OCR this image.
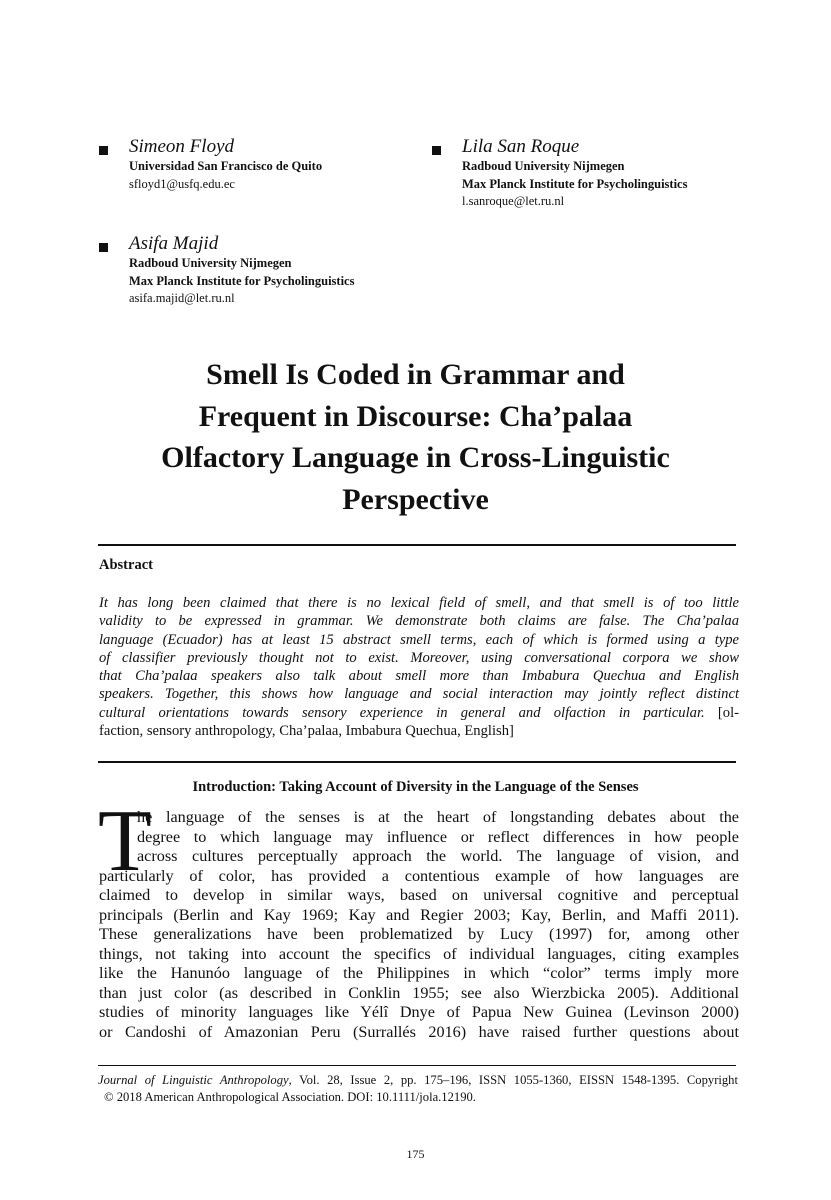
Simeon Floyd
Universidad San Francisco de Quito
sfloyd1@usfq.edu.ec
Lila San Roque
Radboud University Nijmegen
Max Planck Institute for Psycholinguistics
l.sanroque@let.ru.nl
Asifa Majid
Radboud University Nijmegen
Max Planck Institute for Psycholinguistics
asifa.majid@let.ru.nl
Smell Is Coded in Grammar and
Frequent in Discourse: Cha’palaa
Olfactory Language in Cross-Linguistic
Perspective
Abstract
It has long been claimed that there is no lexical field of smell, and that smell is of too little
validity to be expressed in grammar. We demonstrate both claims are false. The Cha’palaa
language (Ecuador) has at least 15 abstract smell terms, each of which is formed using a type
of classifier previously thought not to exist. Moreover, using conversational corpora we show
that Cha’palaa speakers also talk about smell more than Imbabura Quechua and English
speakers. Together, this shows how language and social interaction may jointly reflect distinct
cultural orientations towards sensory experience in general and olfaction in particular. [ol-
faction, sensory anthropology, Cha’palaa, Imbabura Quechua, English]
Introduction: Taking Account of Diversity in the Language of the Senses
T
he language of the senses is at the heart of longstanding debates about the
degree to which language may influence or reflect differences in how people
across cultures perceptually approach the world. The language of vision, and
particularly of color, has provided a contentious example of how languages are
claimed to develop in similar ways, based on universal cognitive and perceptual
principals (Berlin and Kay 1969; Kay and Regier 2003; Kay, Berlin, and Maffi 2011).
These generalizations have been problematized by Lucy (1997) for, among other
things, not taking into account the specifics of individual languages, citing examples
like the Hanunóo language of the Philippines in which “color” terms imply more
than just color (as described in Conklin 1955; see also Wierzbicka 2005). Additional
studies of minority languages like Yélî Dnye of Papua New Guinea (Levinson 2000)
or Candoshi of Amazonian Peru (Surrallés 2016) have raised further questions about
Journal of Linguistic Anthropology, Vol. 28, Issue 2, pp. 175–196, ISSN 1055-1360, EISSN 1548-1395. Copyright
© 2018 American Anthropological Association. DOI: 10.1111/jola.12190.
175
